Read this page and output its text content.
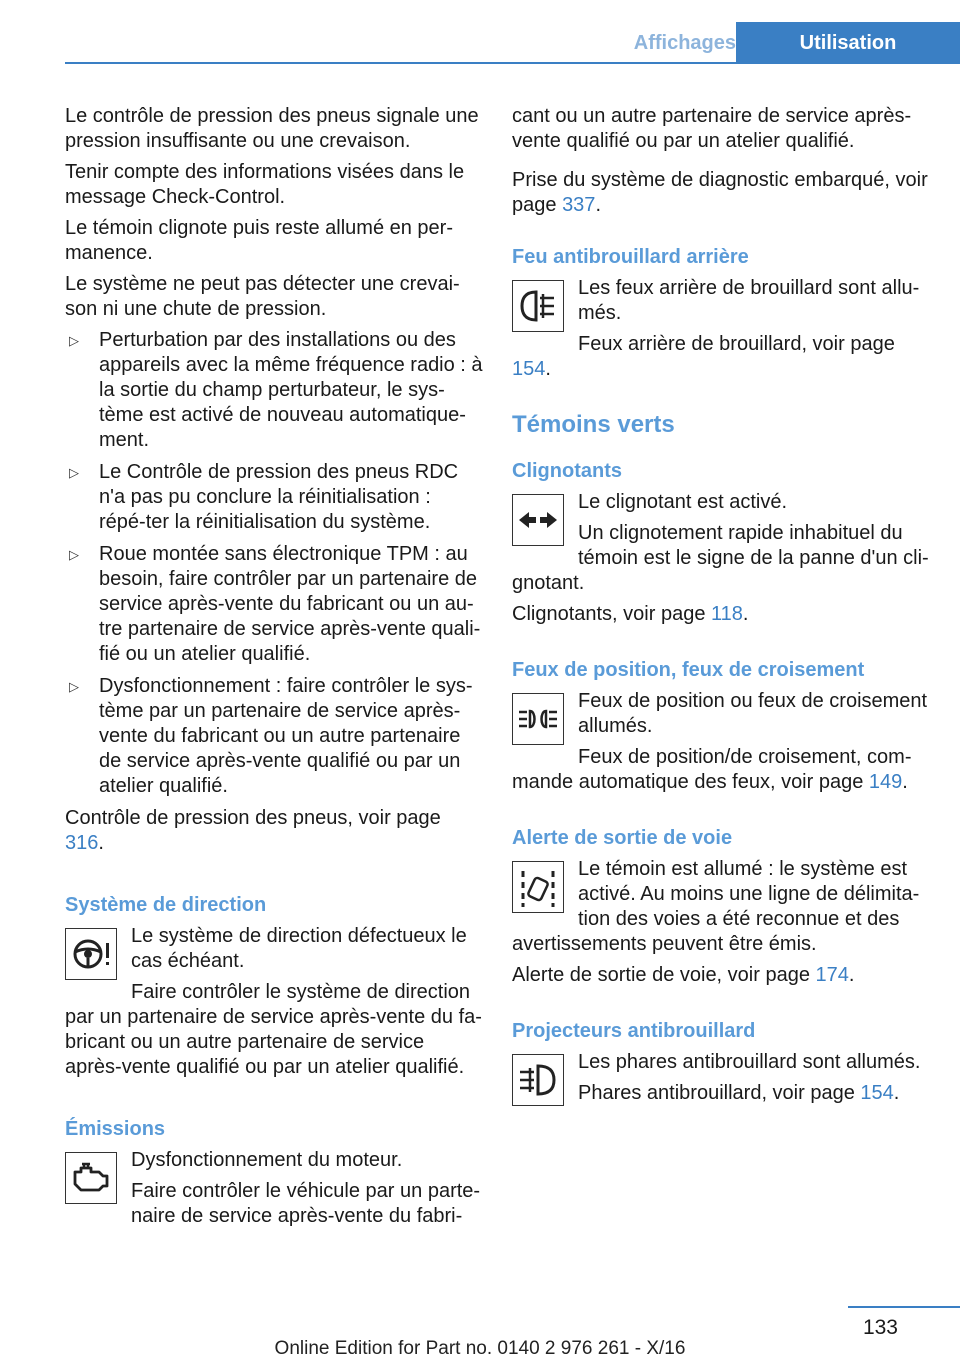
Affichages	Utilisation

Le contrôle de pression des pneus signale une pression insuffisante ou une crevaison.

Tenir compte des informations visées dans le message Check-Control.

Le témoin clignote puis reste allumé en per-manence.

Le système ne peut pas détecter une crevai-son ni une chute de pression.

▷ Perturbation par des installations ou des appareils avec la même fréquence radio : à la sortie du champ perturbateur, le sys-tème est activé de nouveau automatique-ment.
▷ Le Contrôle de pression des pneus RDC n'a pas pu conclure la réinitialisation : répé-ter la réinitialisation du système.
▷ Roue montée sans électronique TPM : au besoin, faire contrôler par un partenaire de service après-vente du fabricant ou un au-tre partenaire de service après-vente quali-fié ou un atelier qualifié.
▷ Dysfonctionnement : faire contrôler le sys-tème par un partenaire de service après-vente du fabricant ou un autre partenaire de service après-vente qualifié ou par un atelier qualifié.

Contrôle de pression des pneus, voir page 316.

Système de direction

Le système de direction défectueux le cas échéant.

Faire contrôler le système de direction par un partenaire de service après-vente du fa-bricant ou un autre partenaire de service après-vente qualifié ou par un atelier qualifié.

Émissions

Dysfonctionnement du moteur.

Faire contrôler le véhicule par un parte-naire de service après-vente du fabri-

cant ou un autre partenaire de service après-vente qualifié ou par un atelier qualifié.

Prise du système de diagnostic embarqué, voir page 337.

Feu antibrouillard arrière

Les feux arrière de brouillard sont allu-més.

Feux arrière de brouillard, voir page 154.

Témoins verts
Clignotants

Le clignotant est activé.

Un clignotement rapide inhabituel du témoin est le signe de la panne d'un cli-gnotant.

Clignotants, voir page 118.

Feux de position, feux de croisement

Feux de position ou feux de croisement allumés.

Feux de position/de croisement, com-mande automatique des feux, voir page 149.

Alerte de sortie de voie

Le témoin est allumé : le système est activé. Au moins une ligne de délimita-tion des voies a été reconnue et des avertissements peuvent être émis.

Alerte de sortie de voie, voir page 174.

Projecteurs antibrouillard

Les phares antibrouillard sont allumés.

Phares antibrouillard, voir page 154.

133
Online Edition for Part no. 0140 2 976 261 - X/16
